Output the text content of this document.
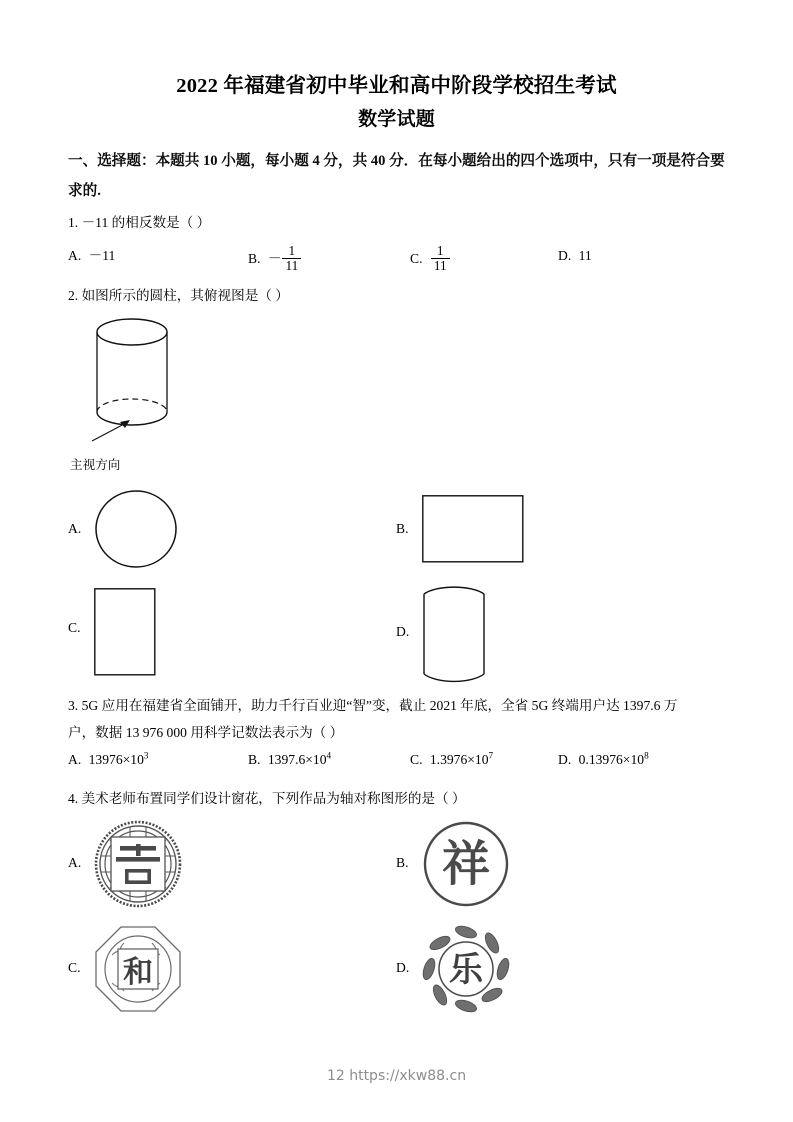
2022 年福建省初中毕业和高中阶段学校招生考试
数学试题
一、选择题：本题共 10 小题，每小题 4 分，共 40 分．在每小题给出的四个选项中，只有一项是符合要求的.
1. －11 的相反数是（ ）
A. －11	B. － $\frac{1}{11}$	C. $\frac{1}{11}$	D. 11
2. 如图所示的圆柱，其俯视图是（ ）
主视方向
A.	B.
C.	D.
3. 5G 应用在福建省全面铺开，助力千行百业迎“智”变，截止 2021 年底，全省 5G 终端用户达 1397.6 万
户，数据 13 976 000 用科学记数法表示为（ ）
A. $13976\times 10^3$	B. $1397.6\times 10^4$	C. $1.3976\times 10^7$	D. $0.13976\times 10^8$
4. 美术老师布置同学们设计窗花，下列作品为轴对称图形的是（ ）
A.	B. 祥
C. 和	D. 乐
12 https://xkw88.cn
